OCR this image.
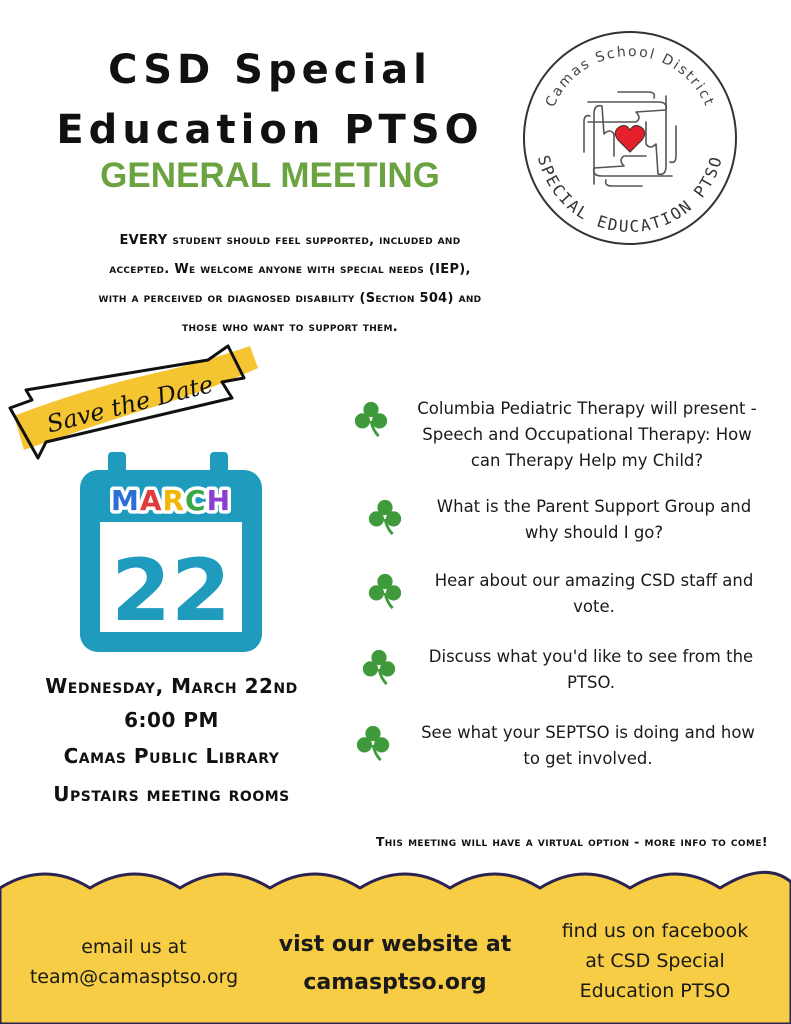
CSD Special
Education PTSO
GENERAL MEETING
Camas School District
SPECIAL EDUCATION PTSO
EVERY student should feel supported, included and
accepted. We welcome anyone with special needs (IEP),
with a perceived or diagnosed disability (Section 504) and
those who want to support them.
Save the Date
MARCH
22
Wednesday, March 22nd
6:00 PM
Camas Public Library
Upstairs meeting rooms
Columbia Pediatric Therapy will present -
Speech and Occupational Therapy: How
can Therapy Help my Child?
What is the Parent Support Group and
why should I go?
Hear about our amazing CSD staff and
vote.
Discuss what you'd like to see from the
PTSO.
See what your SEPTSO is doing and how
to get involved.
This meeting will have a virtual option - more info to come!
email us at
team@camasptso.org
vist our website at
camasptso.org
find us on facebook
at CSD Special
Education PTSO
